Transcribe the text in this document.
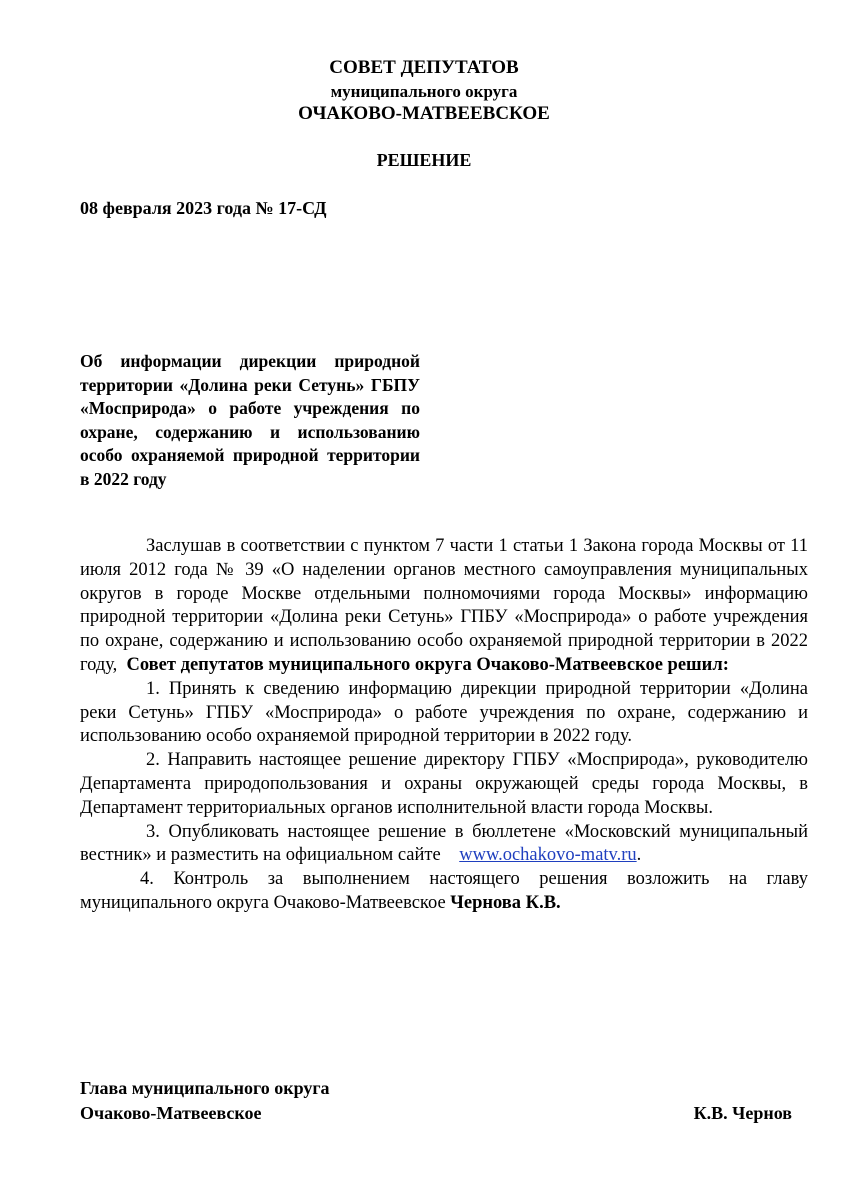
СОВЕТ ДЕПУТАТОВ
муниципального округа
ОЧАКОВО-МАТВЕЕВСКОЕ
РЕШЕНИЕ
08 февраля 2023 года № 17-СД
Об информации дирекции природной территории «Долина реки Сетунь» ГБПУ «Мосприрода» о работе учреждения по охране, содержанию и использованию особо охраняемой природной территории в 2022 году

Заслушав в соответствии с пунктом 7 части 1 статьи 1 Закона города Москвы от 11 июля 2012 года № 39 «О наделении органов местного самоуправления муниципальных округов в городе Москве отдельными полномочиями города Москвы» информацию природной территории «Долина реки Сетунь» ГПБУ «Мосприрода» о работе учреждения по охране, содержанию и использованию особо охраняемой природной территории в 2022 году, Совет депутатов муниципального округа Очаково-Матвеевское решил:

1. Принять к сведению информацию дирекции природной территории «Долина реки Сетунь» ГПБУ «Мосприрода» о работе учреждения по охране, содержанию и использованию особо охраняемой природной территории в 2022 году.

2. Направить настоящее решение директору ГПБУ «Мосприрода», руководителю Департамента природопользования и охраны окружающей среды города Москвы, в Департамент территориальных органов исполнительной власти города Москвы.

3. Опубликовать настоящее решение в бюллетене «Московский муниципальный вестник» и разместить на официальном сайте www.ochakovo-matv.ru.

4. Контроль за выполнением настоящего решения возложить на главу муниципального округа Очаково-Матвеевское Чернова К.В.

Глава муниципального округа
Очаково-Матвеевское	К.В. Чернов
